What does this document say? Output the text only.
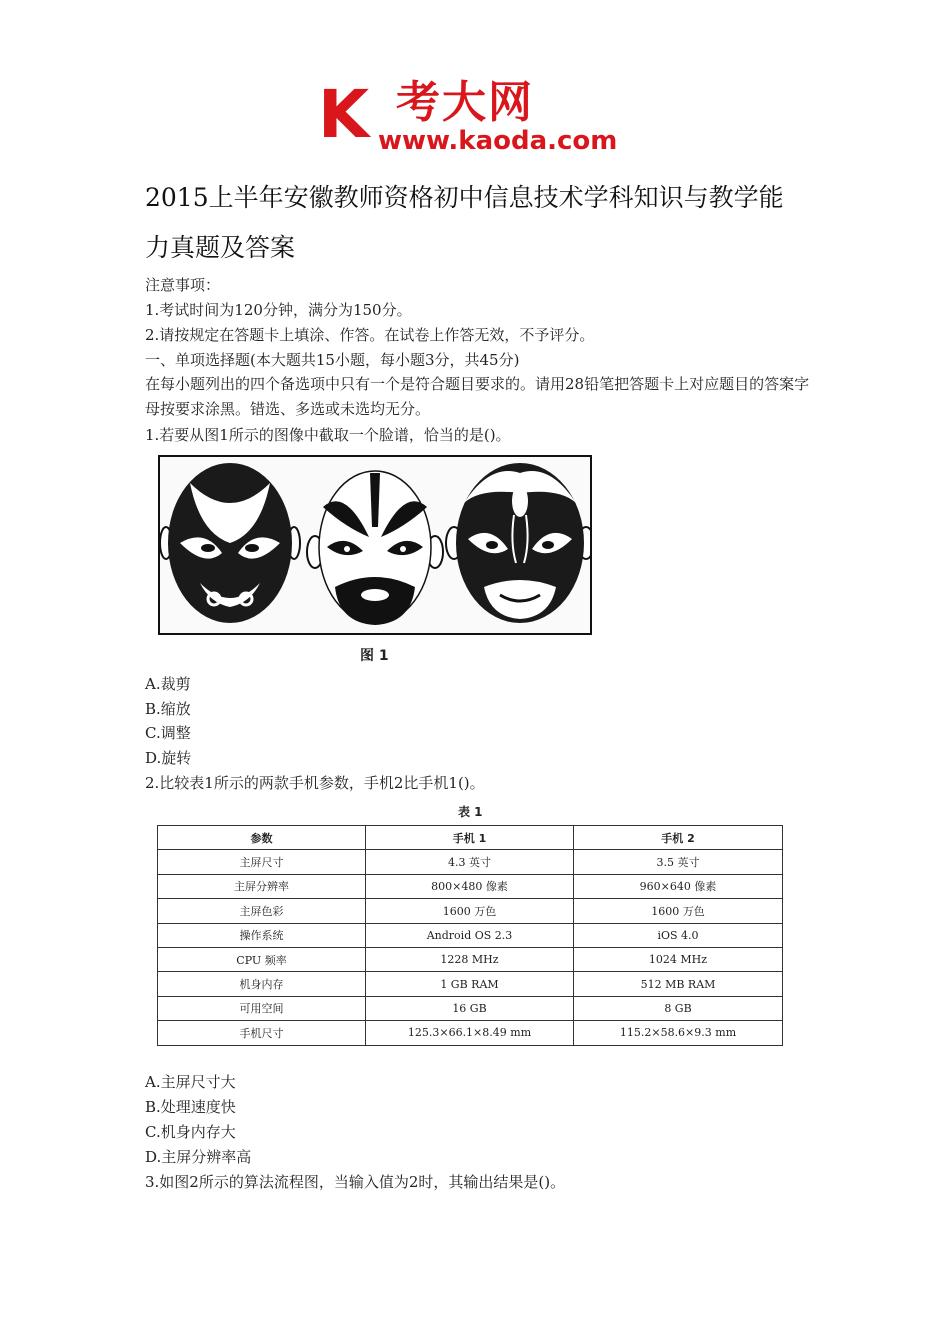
K 考大网
www.kaoda.com
2015上半年安徽教师资格初中信息技术学科知识与教学能
力真题及答案
注意事项：
1.考试时间为120分钟，满分为150分。
2.请按规定在答题卡上填涂、作答。在试卷上作答无效，不予评分。
一、单项选择题(本大题共15小题，每小题3分，共45分)
在每小题列出的四个备选项中只有一个是符合题目要求的。请用28铅笔把答题卡上对应题目的答案字母按要求涂黑。错选、多选或未选均无分。
1.若要从图1所示的图像中截取一个脸谱，恰当的是()。
图 1
A.裁剪
B.缩放
C.调整
D.旋转
2.比较表1所示的两款手机参数，手机2比手机1()。
表 1
参数	手机 1	手机 2
主屏尺寸	4.3 英寸	3.5 英寸
主屏分辨率	800×480 像素	960×640 像素
主屏色彩	1600 万色	1600 万色
操作系统	Android OS 2.3	iOS 4.0
CPU 频率	1228 MHz	1024 MHz
机身内存	1 GB RAM	512 MB RAM
可用空间	16 GB	8 GB
手机尺寸	125.3×66.1×8.49 mm	115.2×58.6×9.3 mm
A.主屏尺寸大
B.处理速度快
C.机身内存大
D.主屏分辨率高
3.如图2所示的算法流程图，当输入值为2时，其输出结果是()。
